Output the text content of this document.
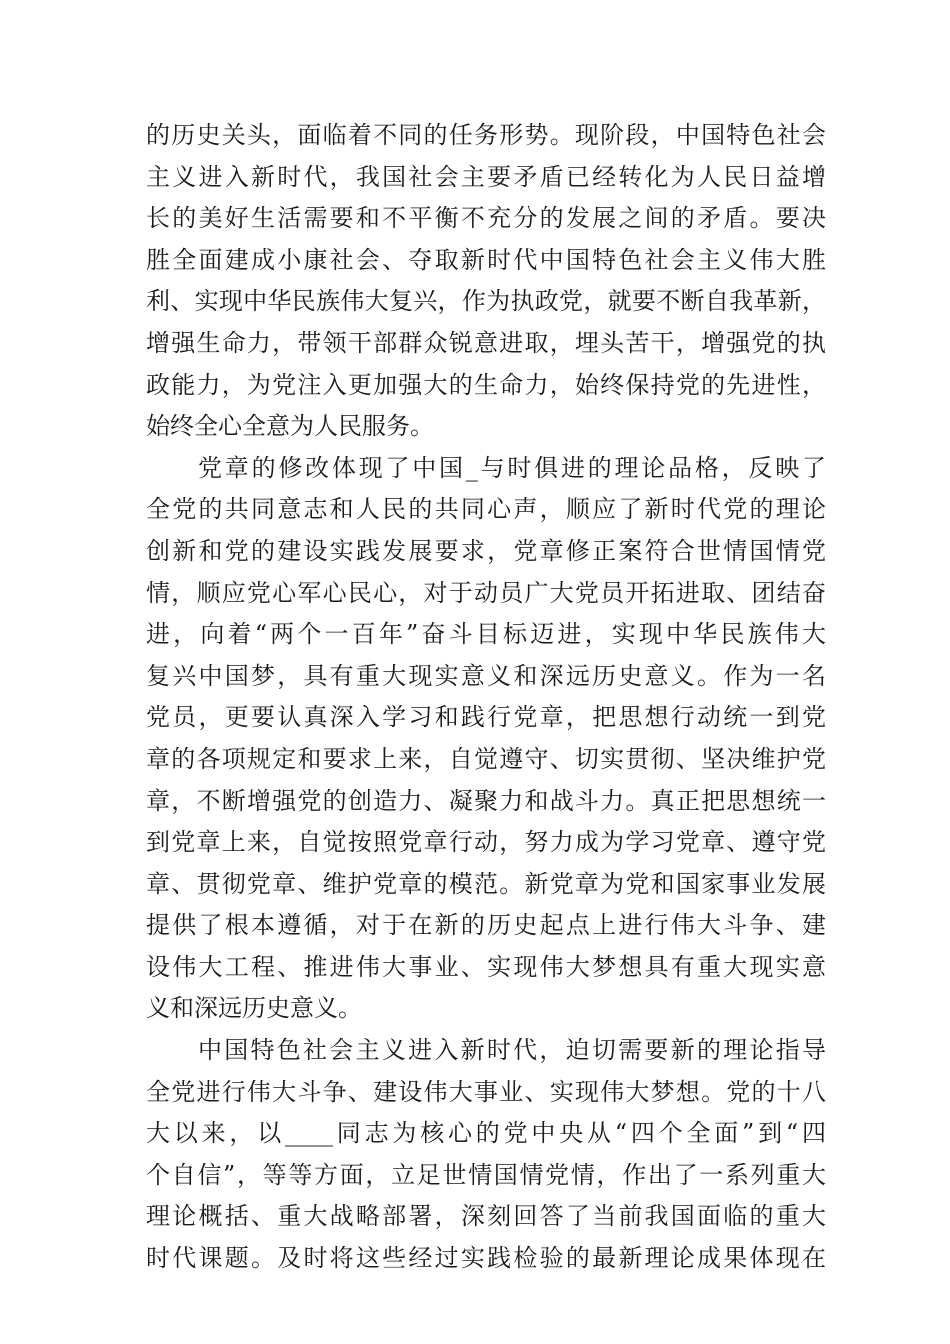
的历史关头，面临着不同的任务形势。现阶段，中国特色社会
主义进入新时代，我国社会主要矛盾已经转化为人民日益增
长的美好生活需要和不平衡不充分的发展之间的矛盾。要决
胜全面建成小康社会、夺取新时代中国特色社会主义伟大胜
利、实现中华民族伟大复兴，作为执政党，就要不断自我革新，
增强生命力，带领干部群众锐意进取，埋头苦干，增强党的执
政能力，为党注入更加强大的生命力，始终保持党的先进性，
始终全心全意为人民服务。
党章的修改体现了中国_与时俱进的理论品格，反映了
全党的共同意志和人民的共同心声，顺应了新时代党的理论
创新和党的建设实践发展要求，党章修正案符合世情国情党
情，顺应党心军心民心，对于动员广大党员开拓进取、团结奋
进，向着“两个一百年”奋斗目标迈进，实现中华民族伟大
复兴中国梦，具有重大现实意义和深远历史意义。作为一名
党员，更要认真深入学习和践行党章，把思想行动统一到党
章的各项规定和要求上来，自觉遵守、切实贯彻、坚决维护党
章，不断增强党的创造力、凝聚力和战斗力。真正把思想统一
到党章上来，自觉按照党章行动，努力成为学习党章、遵守党
章、贯彻党章、维护党章的模范。新党章为党和国家事业发展
提供了根本遵循，对于在新的历史起点上进行伟大斗争、建
设伟大工程、推进伟大事业、实现伟大梦想具有重大现实意
义和深远历史意义。
中国特色社会主义进入新时代，迫切需要新的理论指导
全党进行伟大斗争、建设伟大事业、实现伟大梦想。党的十八
大以来，以____同志为核心的党中央从“四个全面”到“四
个自信”，等等方面，立足世情国情党情，作出了一系列重大
理论概括、重大战略部署，深刻回答了当前我国面临的重大
时代课题。及时将这些经过实践检验的最新理论成果体现在
